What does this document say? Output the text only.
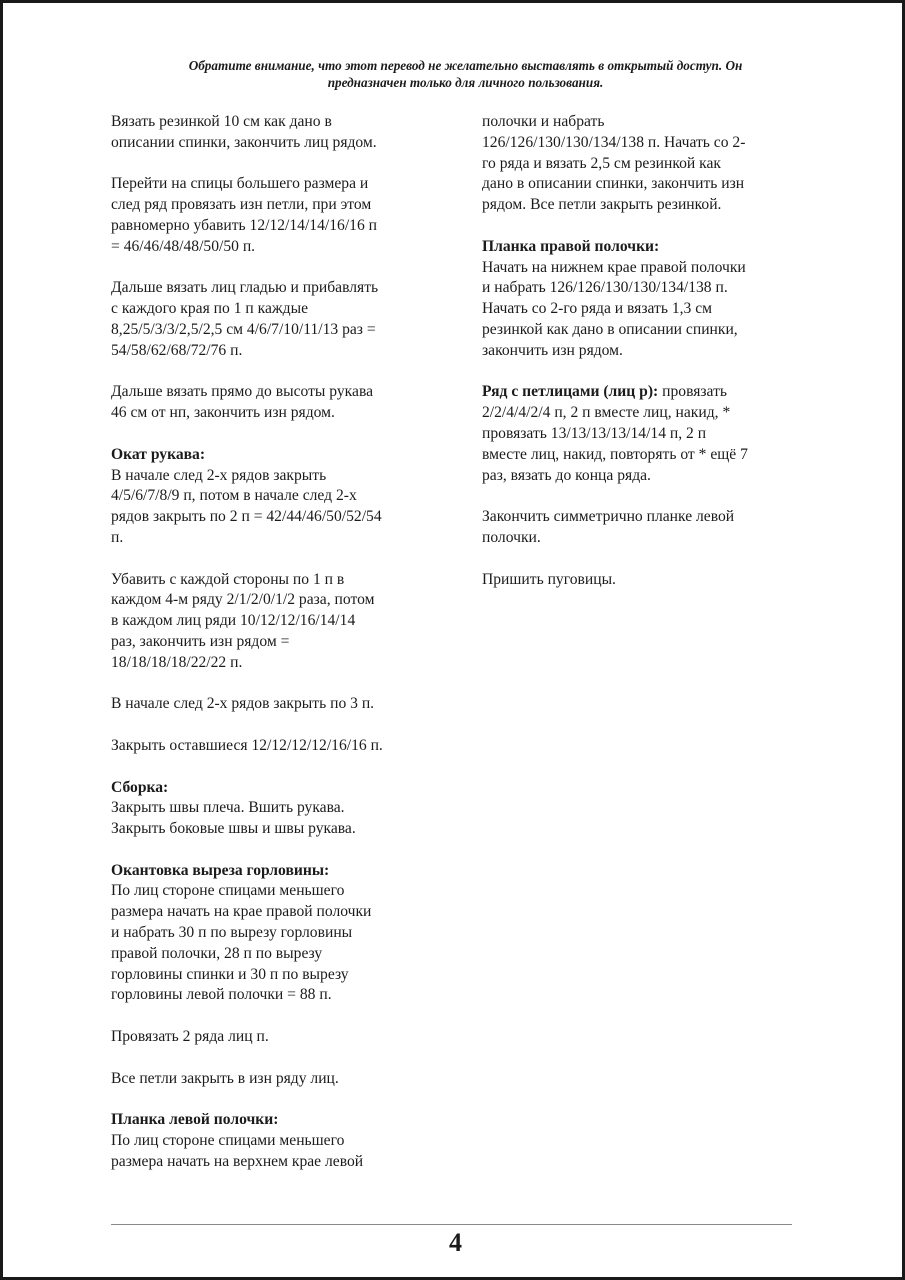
Обратите внимание, что этот перевод не желательно выставлять в открытый доступ. Он

предназначен только для личного пользования.

Вязать резинкой 10 см как дано в
описании спинки, закончить лиц рядом.
Перейти на спицы большего размера и
след ряд провязать изн петли, при этом
равномерно убавить 12/12/14/14/16/16 п
= 46/46/48/48/50/50 п.
Дальше вязать лиц гладью и прибавлять
с каждого края по 1 п каждые
8,25/5/3/3/2,5/2,5 см 4/6/7/10/11/13 раз =
54/58/62/68/72/76 п.
Дальше вязать прямо до высоты рукава
46 см от нп, закончить изн рядом.
Окат рукава:
В начале след 2-х рядов закрыть
4/5/6/7/8/9 п, потом в начале след 2-х
рядов закрыть по 2 п = 42/44/46/50/52/54
п.
Убавить с каждой стороны по 1 п в
каждом 4-м ряду 2/1/2/0/1/2 раза, потом
в каждом лиц ряди 10/12/12/16/14/14
раз, закончить изн рядом =
18/18/18/18/22/22 п.
В начале след 2-х рядов закрыть по 3 п.
Закрыть оставшиеся 12/12/12/12/16/16 п.
Сборка:
Закрыть швы плеча. Вшить рукава.
Закрыть боковые швы и швы рукава.
Окантовка выреза горловины:
По лиц стороне спицами меньшего
размера начать на крае правой полочки
и набрать 30 п по вырезу горловины
правой полочки, 28 п по вырезу
горловины спинки и 30 п по вырезу
горловины левой полочки = 88 п.
Провязать 2 ряда лиц п.
Все петли закрыть в изн ряду лиц.
Планка левой полочки:
По лиц стороне спицами меньшего
размера начать на верхнем крае левой
полочки и набрать
126/126/130/130/134/138 п. Начать со 2-
го ряда и вязать 2,5 см резинкой как
дано в описании спинки, закончить изн
рядом. Все петли закрыть резинкой.
Планка правой полочки:
Начать на нижнем крае правой полочки
и набрать 126/126/130/130/134/138 п.
Начать со 2-го ряда и вязать 1,3 см
резинкой как дано в описании спинки,
закончить изн рядом.
Ряд с петлицами (лиц р): провязать
2/2/4/4/2/4 п, 2 п вместе лиц, накид, *
провязать 13/13/13/13/14/14 п, 2 п
вместе лиц, накид, повторять от * ещё 7
раз, вязать до конца ряда.
Закончить симметрично планке левой
полочки.
Пришить пуговицы.
4
